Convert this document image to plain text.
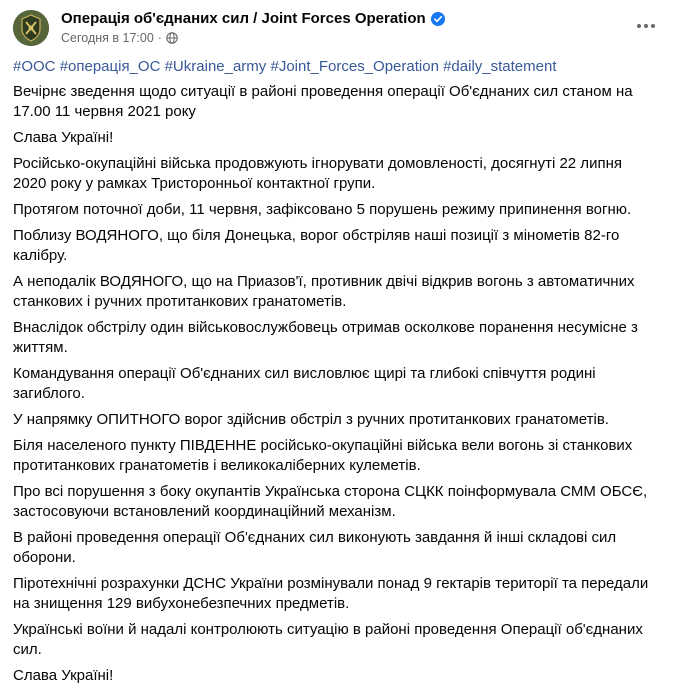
Операція об'єднаних сил / Joint Forces Operation
Сегодня в 17:00 ·
#ООС #операція_ОС #Ukraine_army #Joint_Forces_Operation #daily_statement

Вечірнє зведення щодо ситуації в районі проведення операції Об'єднаних сил станом на 17.00 11 червня 2021 року

Слава Україні!

Російсько-окупаційні війська продовжують ігнорувати домовленості, досягнуті 22 липня 2020 року у рамках Тристоронньої контактної групи.

Протягом поточної доби, 11 червня, зафіксовано 5 порушень режиму припинення вогню.

Поблизу ВОДЯНОГО, що біля Донецька, ворог обстріляв наші позиції з мінометів 82-го калібру.

А неподалік ВОДЯНОГО, що на Приазов'ї, противник двічі відкрив вогонь з автоматичних станкових і ручних протитанкових гранатометів.

Внаслідок обстрілу один військовослужбовець отримав осколкове поранення несумісне з життям.

Командування операції Об'єднаних сил висловлює щирі та глибокі співчуття родині загиблого.

У напрямку ОПИТНОГО ворог здійснив обстріл з ручних протитанкових гранатометів.

Біля населеного пункту ПІВДЕННЕ російсько-окупаційні війська вели вогонь зі станкових протитанкових гранатометів і великокаліберних кулеметів.

Про всі порушення з боку окупантів Українська сторона СЦКК поінформувала СММ ОБСЄ, застосовуючи встановлений координаційний механізм.

В районі проведення операції Об'єднаних сил виконують завдання й інші складові сил оборони.

Піротехнічні розрахунки ДСНС України розмінували понад 9 гектарів території та передали на знищення 129 вибухонебезпечних предметів.

Українські воїни й надалі контролюють ситуацію в районі проведення Операції об'єднаних сил.

Слава Україні!
